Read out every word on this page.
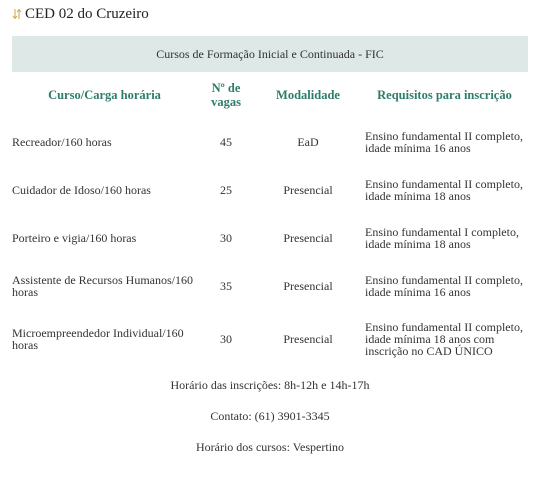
CED 02 do Cruzeiro
Cursos de Formação Inicial e Continuada - FIC			
Curso/Carga horária	Nº de vagas	Modalidade	Requisitos para inscrição
Recreador/160 horas	45	EaD	Ensino fundamental II completo, idade mínima 16 anos
Cuidador de Idoso/160 horas	25	Presencial	Ensino fundamental II completo, idade mínima 18 anos
Porteiro e vigia/160 horas	30	Presencial	Ensino fundamental I completo, idade mínima 18 anos
Assistente de Recursos Humanos/160 horas	35	Presencial	Ensino fundamental II completo, idade mínima 16 anos
Microempreendedor Individual/160 horas	30	Presencial	Ensino fundamental II completo, idade mínima 18 anos com inscrição no CAD ÚNICO
Horário das inscrições: 8h-12h e 14h-17h
Contato: (61) 3901-3345
Horário dos cursos: Vespertino
